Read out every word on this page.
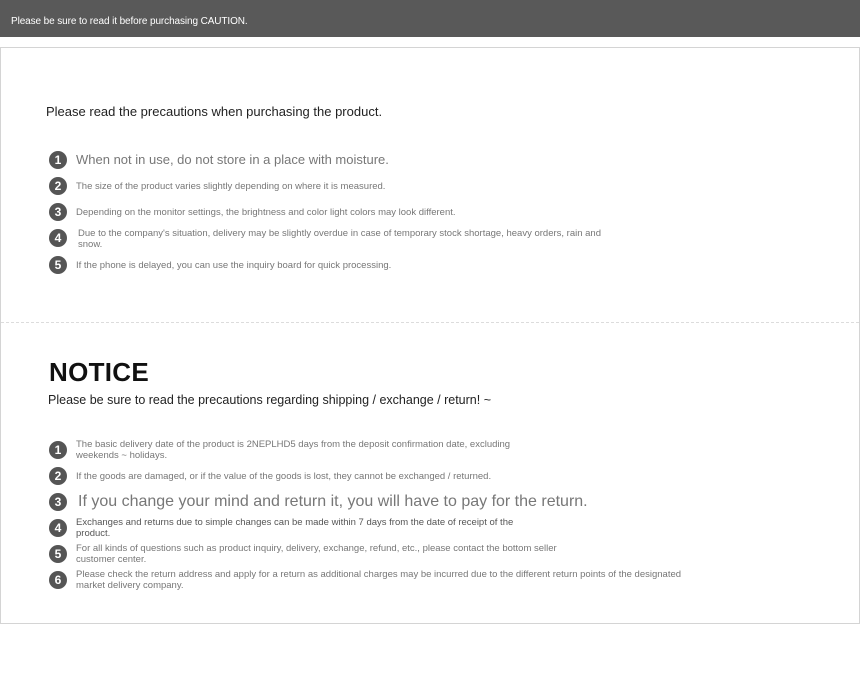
Please be sure to read it before purchasing CAUTION.
Please read the precautions when purchasing the product.
1	When not in use, do not store in a place with moisture.
2	The size of the product varies slightly depending on where it is measured.
3	Depending on the monitor settings, the brightness and color light colors may look different.
4	Due to the company's situation, delivery may be slightly overdue in case of temporary stock shortage, heavy orders, rain and snow.
5	If the phone is delayed, you can use the inquiry board for quick processing.
NOTICE
Please be sure to read the precautions regarding shipping / exchange / return! ~
1	The basic delivery date of the product is 2NEPLHD5 days from the deposit confirmation date, excluding weekends ~ holidays.
2	If the goods are damaged, or if the value of the goods is lost, they cannot be exchanged / returned.
3	If you change your mind and return it, you will have to pay for the return.
4	Exchanges and returns due to simple changes can be made within 7 days from the date of receipt of the product.
5	For all kinds of questions such as product inquiry, delivery, exchange, refund, etc., please contact the bottom seller customer center.
6	Please check the return address and apply for a return as additional charges may be incurred due to the different return points of the designated market delivery company.
